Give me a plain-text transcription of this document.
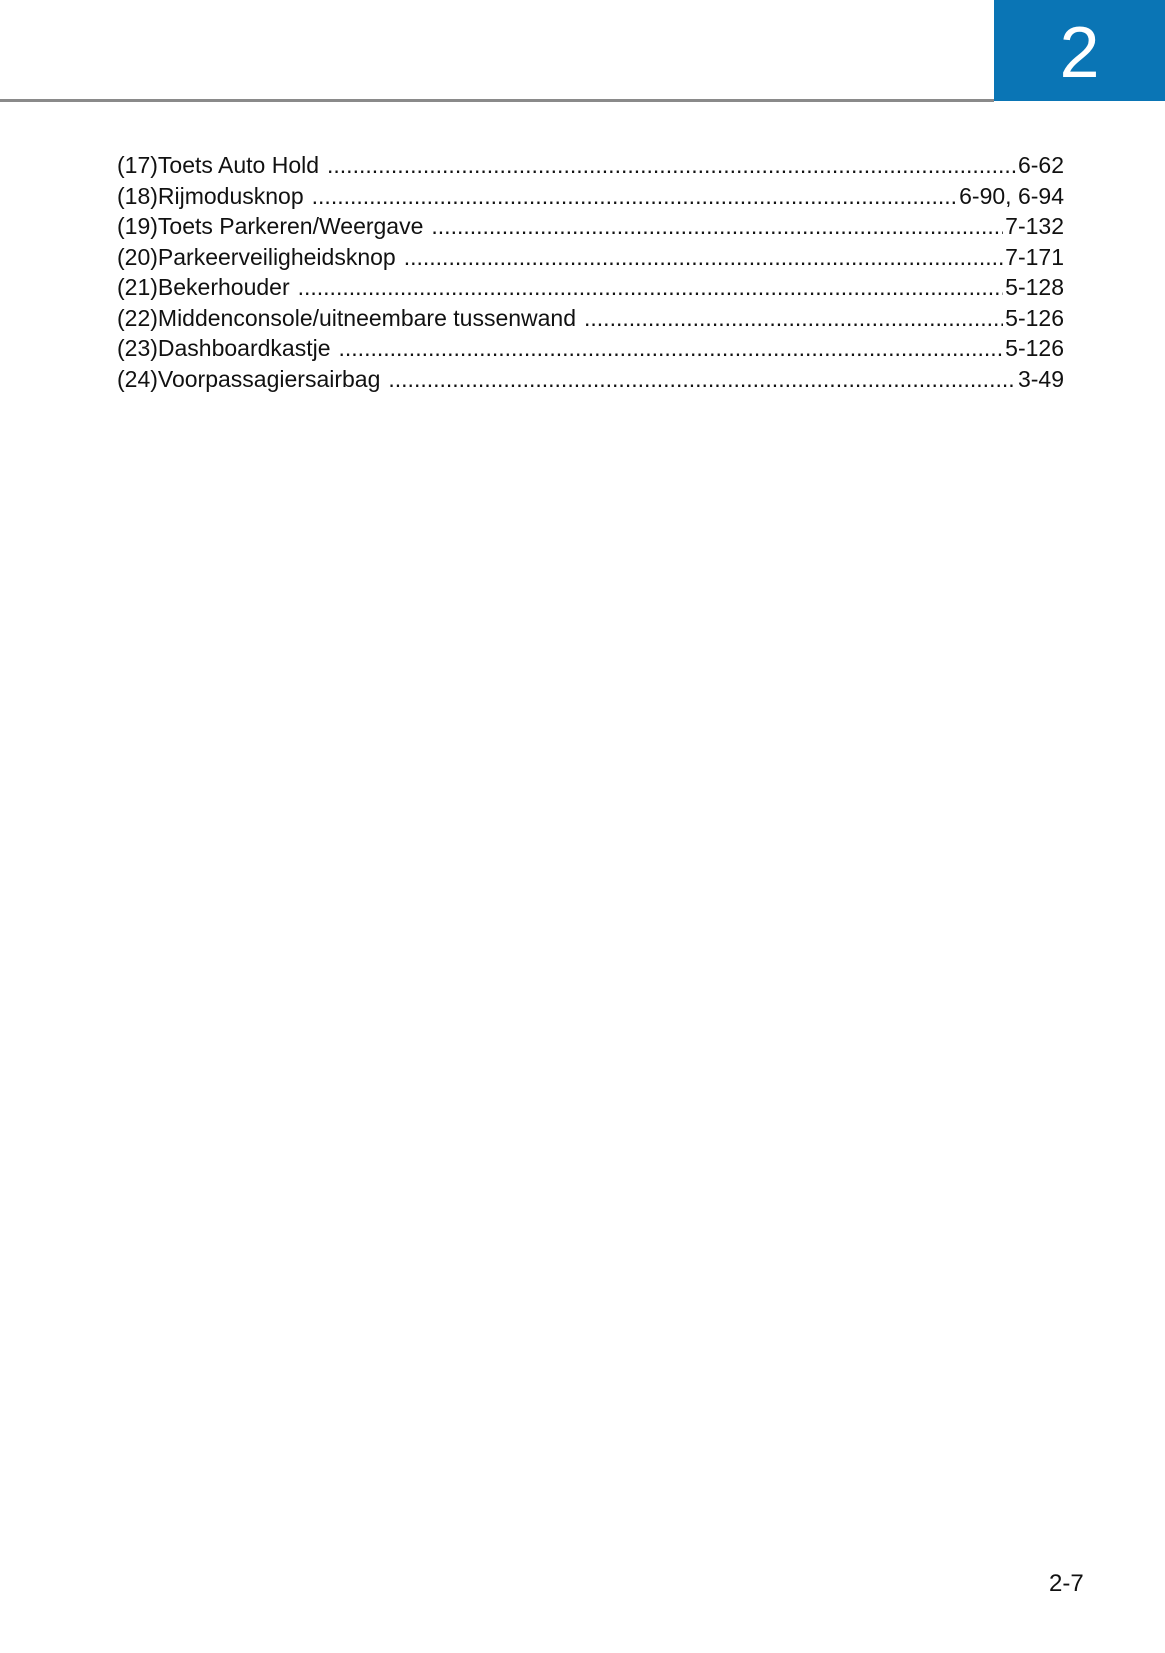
2
(17) Toets Auto Hold .....	6-62
(18) Rijmodusknop .....	6-90, 6-94
(19) Toets Parkeren/Weergave .....	7-132
(20) Parkeerveiligheidsknop .....	7-171
(21) Bekerhouder .....	5-128
(22) Middenconsole/uitneembare tussenwand .....	5-126
(23) Dashboardkastje .....	5-126
(24) Voorpassagiersairbag .....	3-49
2-7
